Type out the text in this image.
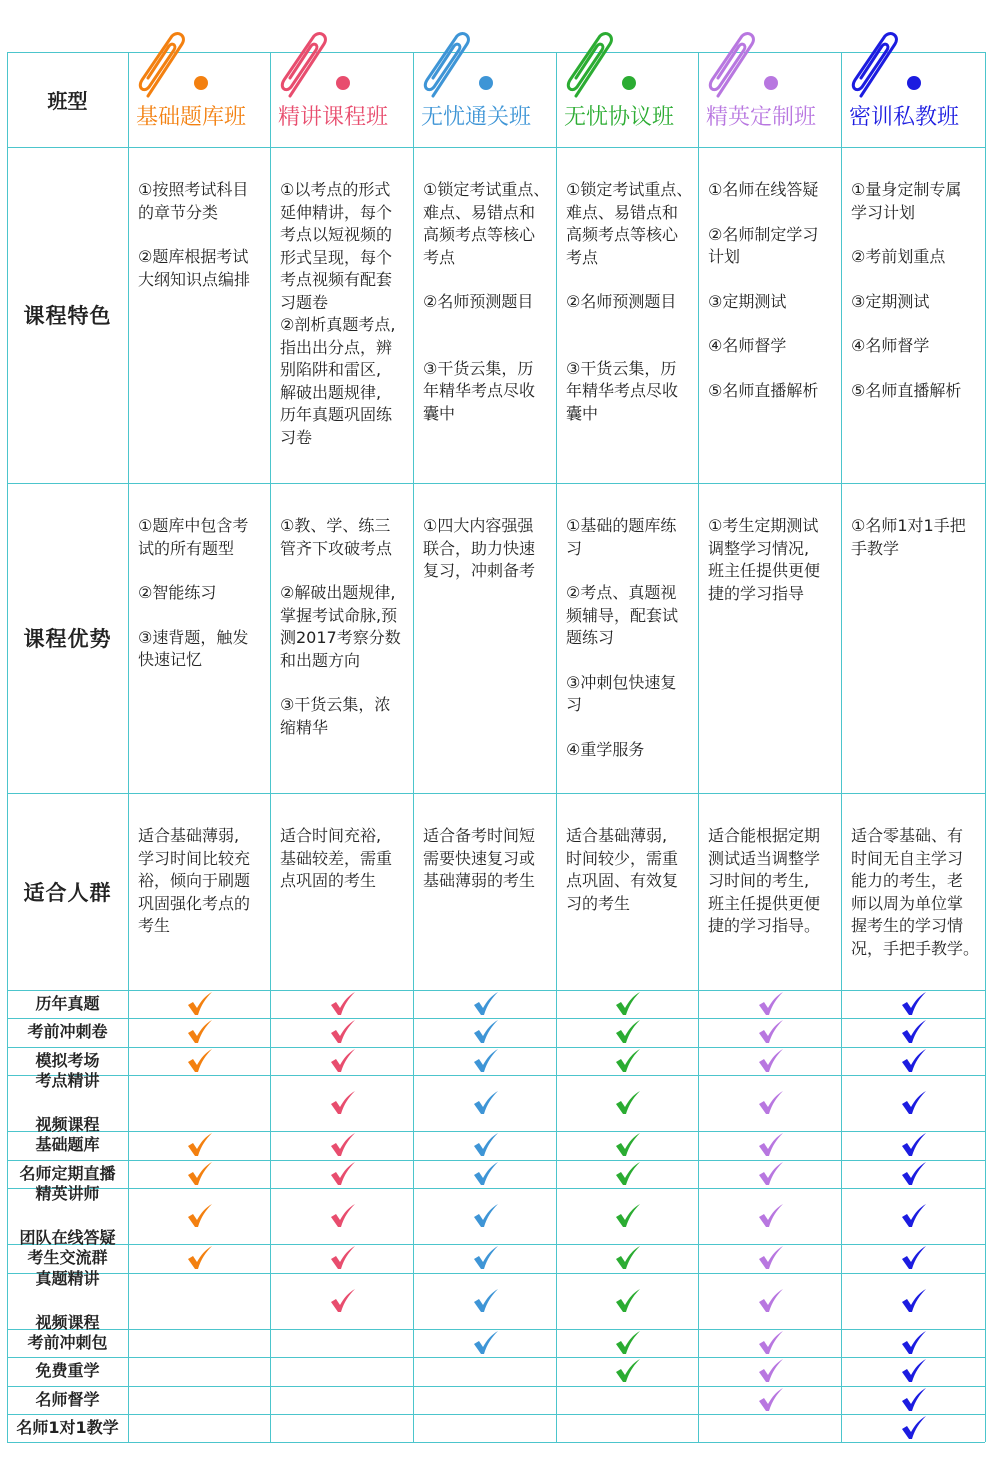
班型
基础题库班 精讲课程班 无忧通关班 无忧协议班 精英定制班 密训私教班
课程特色

①按照考试科目

的章节分类

②题库根据考试

大纲知识点编排

①以考点的形式

延伸精讲，每个

考点以短视频的

形式呈现，每个

考点视频有配套

习题卷

②剖析真题考点,

指出出分点，辨

别陷阱和雷区,

解破出题规律,

历年真题巩固练

习卷

①锁定考试重点、

难点、易错点和

高频考点等核心

考点

②名师预测题目

③干货云集，历

年精华考点尽收

囊中

①锁定考试重点、

难点、易错点和

高频考点等核心

考点

②名师预测题目

③干货云集，历

年精华考点尽收

囊中

①名师在线答疑

②名师制定学习

计划

③定期测试

④名师督学

⑤名师直播解析

①量身定制专属

学习计划

②考前划重点

③定期测试

④名师督学

⑤名师直播解析

课程优势

①题库中包含考

试的所有题型

②智能练习

③速背题，触发

快速记忆

①教、学、练三

管齐下攻破考点

②解破出题规律,

掌握考试命脉,预

测2017考察分数

和出题方向

③干货云集，浓

缩精华

①四大内容强强

联合，助力快速

复习，冲刺备考

①基础的题库练

习

②考点、真题视

频辅导，配套试

题练习

③冲刺包快速复

习

④重学服务

①考生定期测试

调整学习情况,

班主任提供更便

捷的学习指导

①名师1对1手把

手教学

适合人群

适合基础薄弱,

学习时间比较充

裕，倾向于刷题

巩固强化考点的

考生

适合时间充裕,

基础较差，需重

点巩固的考生

适合备考时间短

需要快速复习或

基础薄弱的考生

适合基础薄弱,

时间较少，需重

点巩固、有效复

习的考生

适合能根据定期

测试适当调整学

习时间的考生,

班主任提供更便

捷的学习指导。

适合零基础、有

时间无自主学习

能力的考生，老

师以周为单位掌

握考生的学习情

况，手把手教学。

历年真题
考前冲刺卷
模拟考场
考点精讲

视频课程
基础题库
名师定期直播
精英讲师

团队在线答疑
考生交流群
真题精讲

视频课程
考前冲刺包
免费重学
名师督学
名师1对1教学
